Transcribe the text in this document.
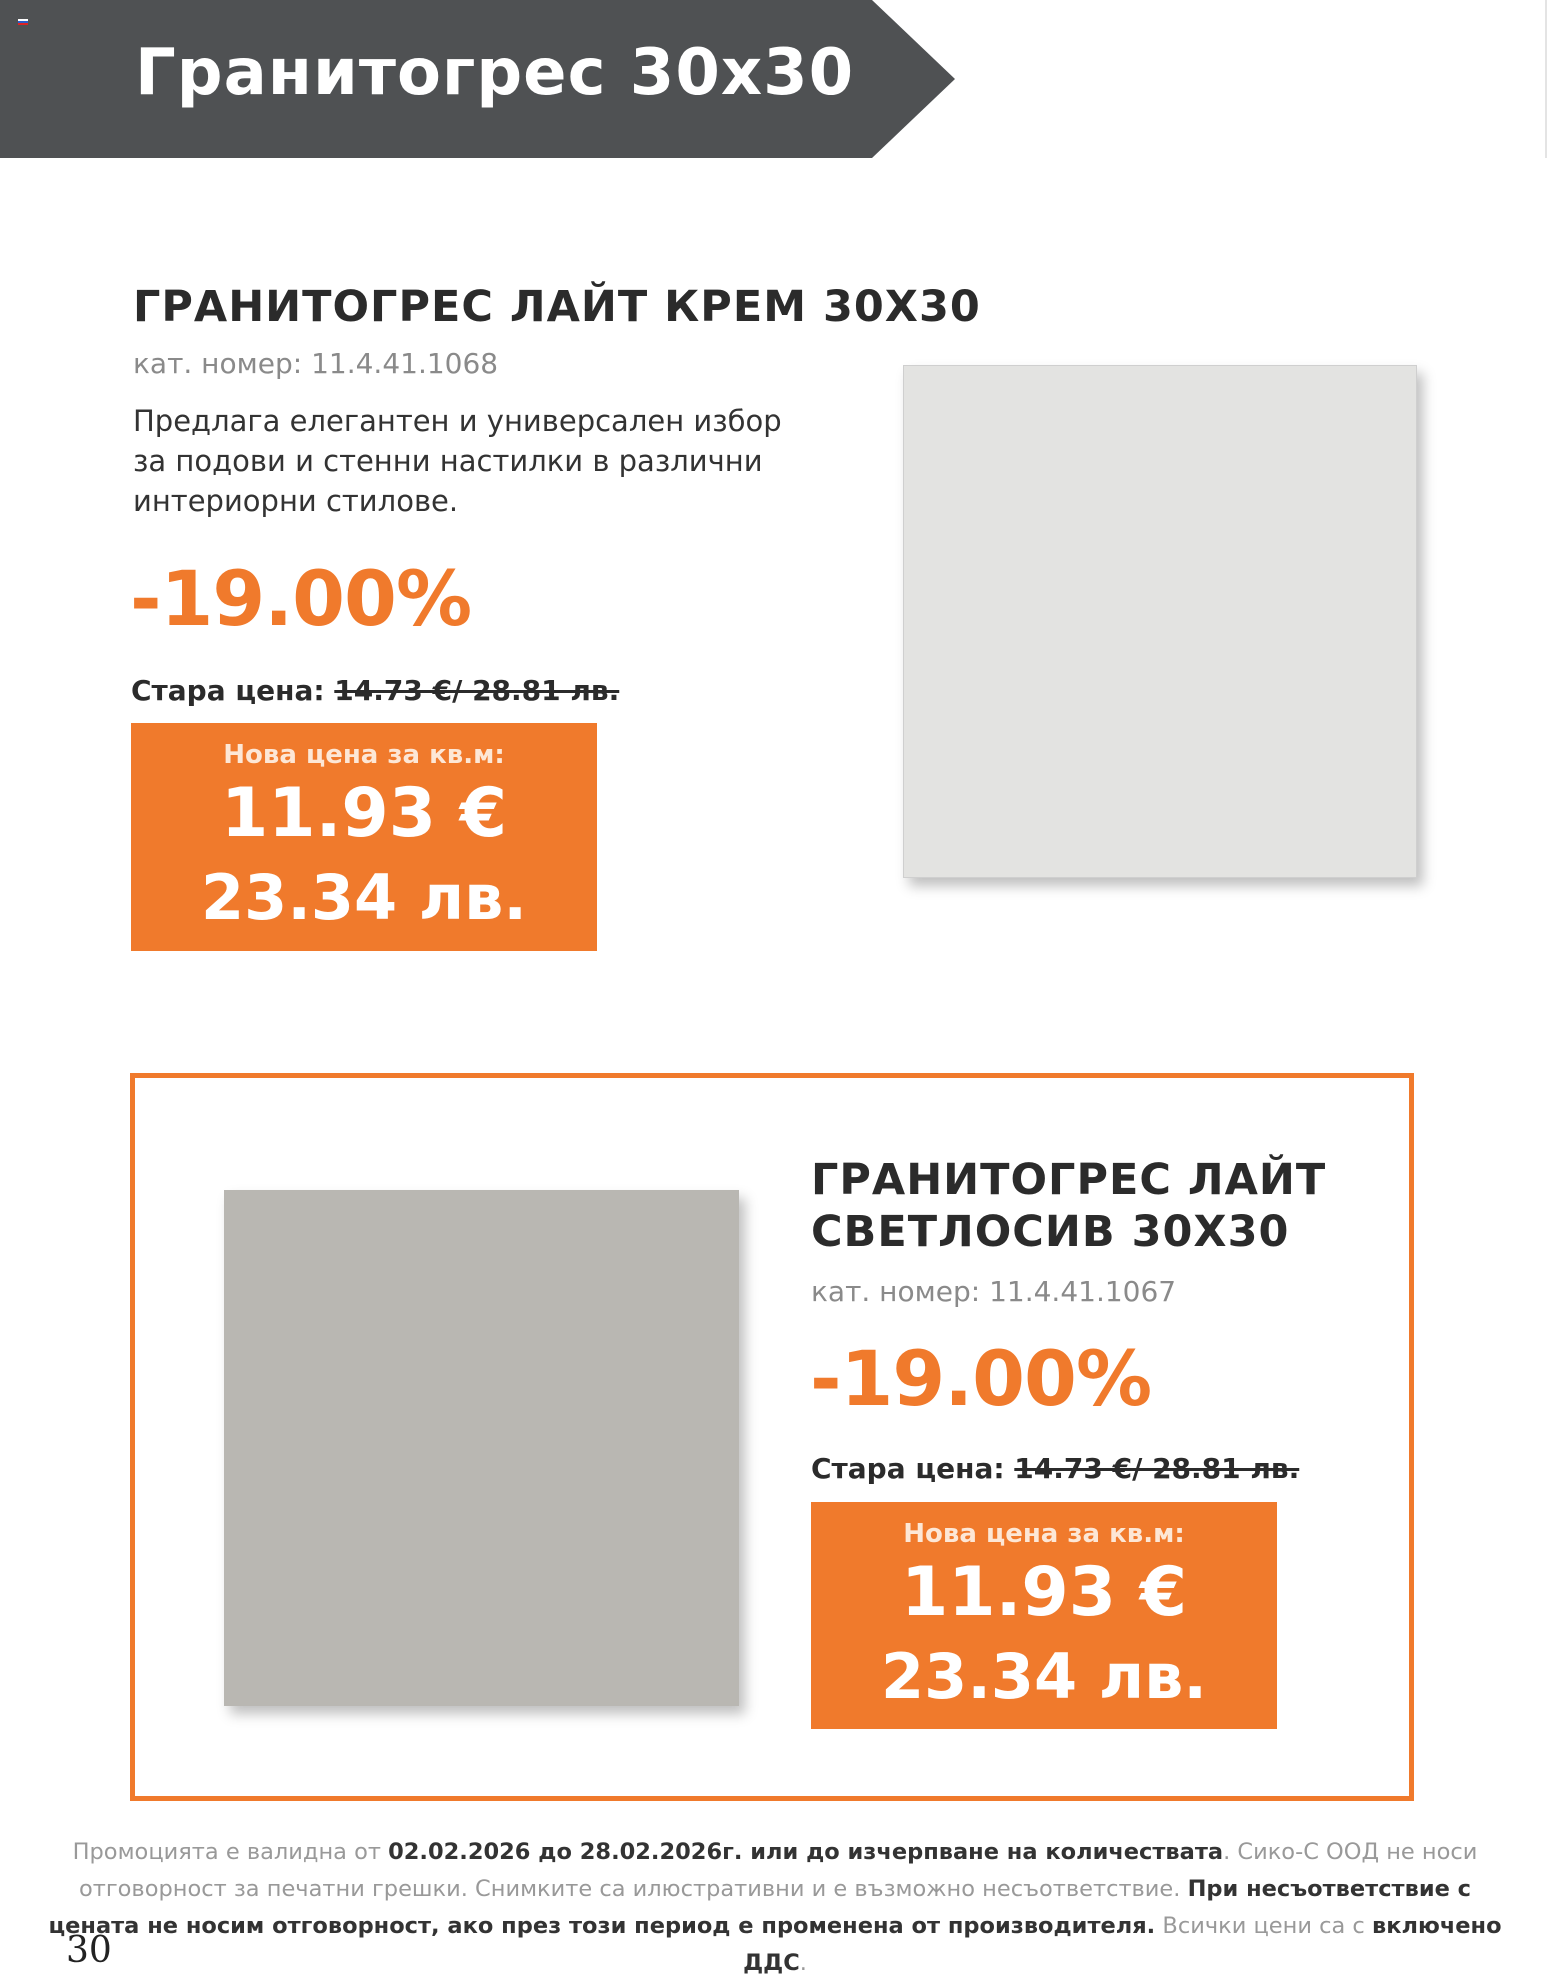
Гранитогрес 30х30
ГРАНИТОГРЕС ЛАЙТ КРЕМ 30Х30
кат. номер: 11.4.41.1068
Предлага елегантен и универсален избор за подови и стенни настилки в различни интериорни стилове.
-19.00%
Стара цена: 14.73 €/ 28.81 лв.
Нова цена за кв.м:
11.93 €
23.34 лв.
ГРАНИТОГРЕС ЛАЙТ
СВЕТЛОСИВ 30Х30
кат. номер: 11.4.41.1067
-19.00%
Стара цена: 14.73 €/ 28.81 лв.
Нова цена за кв.м:
11.93 €
23.34 лв.
Промоцията е валидна от 02.02.2026 до 28.02.2026г. или до изчерпване на количествата. Сико-С ООД не носи отговорност за печатни грешки. Снимките са илюстративни и е възможно несъответствие. При несъответствие с цената не носим отговорност, ако през този период е променена от производителя. Всички цени са с включено ДДС.
30
